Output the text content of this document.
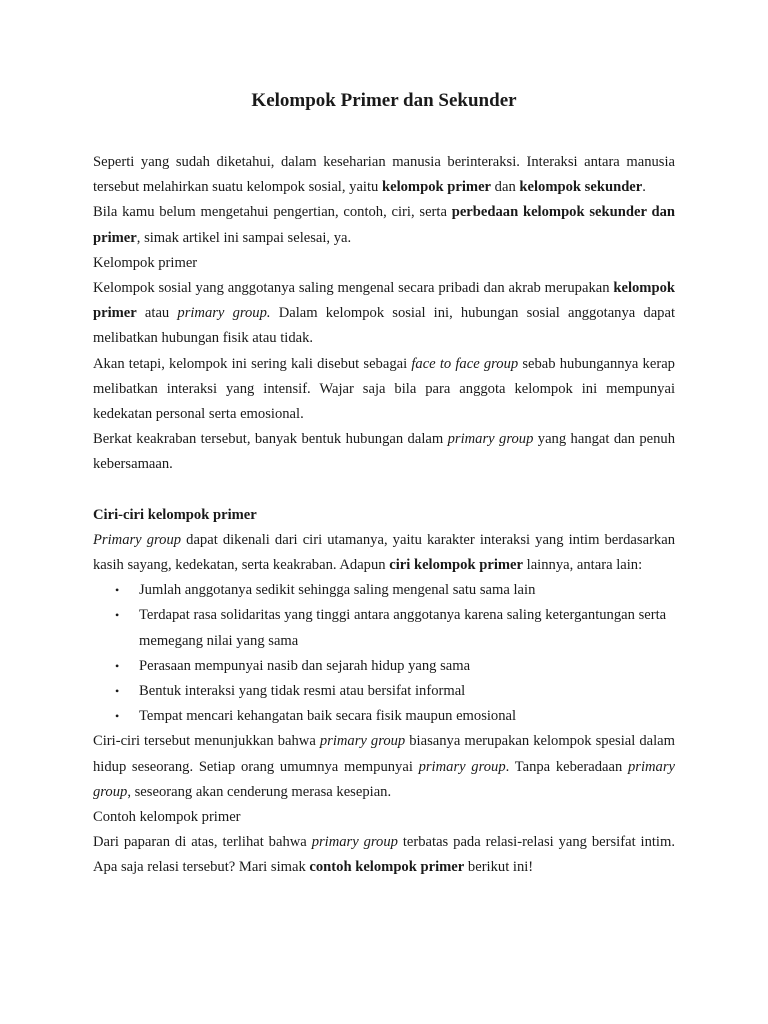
Kelompok Primer dan Sekunder

Seperti yang sudah diketahui, dalam keseharian manusia berinteraksi. Interaksi antara manusia tersebut melahirkan suatu kelompok sosial, yaitu kelompok primer dan kelompok sekunder.

Bila kamu belum mengetahui pengertian, contoh, ciri, serta perbedaan kelompok sekunder dan primer, simak artikel ini sampai selesai, ya.

Kelompok primer

Kelompok sosial yang anggotanya saling mengenal secara pribadi dan akrab merupakan kelompok primer atau primary group. Dalam kelompok sosial ini, hubungan sosial anggotanya dapat melibatkan hubungan fisik atau tidak.

Akan tetapi, kelompok ini sering kali disebut sebagai face to face group sebab hubungannya kerap melibatkan interaksi yang intensif. Wajar saja bila para anggota kelompok ini mempunyai kedekatan personal serta emosional.

Berkat keakraban tersebut, banyak bentuk hubungan dalam primary group yang hangat dan penuh kebersamaan.

Ciri-ciri kelompok primer

Primary group dapat dikenali dari ciri utamanya, yaitu karakter interaksi yang intim berdasarkan kasih sayang, kedekatan, serta keakraban. Adapun ciri kelompok primer lainnya, antara lain:

• Jumlah anggotanya sedikit sehingga saling mengenal satu sama lain
• Terdapat rasa solidaritas yang tinggi antara anggotanya karena saling ketergantungan serta memegang nilai yang sama
• Perasaan mempunyai nasib dan sejarah hidup yang sama
• Bentuk interaksi yang tidak resmi atau bersifat informal
• Tempat mencari kehangatan baik secara fisik maupun emosional

Ciri-ciri tersebut menunjukkan bahwa primary group biasanya merupakan kelompok spesial dalam hidup seseorang. Setiap orang umumnya mempunyai primary group. Tanpa keberadaan primary group, seseorang akan cenderung merasa kesepian.

Contoh kelompok primer

Dari paparan di atas, terlihat bahwa primary group terbatas pada relasi-relasi yang bersifat intim. Apa saja relasi tersebut? Mari simak contoh kelompok primer berikut ini!
